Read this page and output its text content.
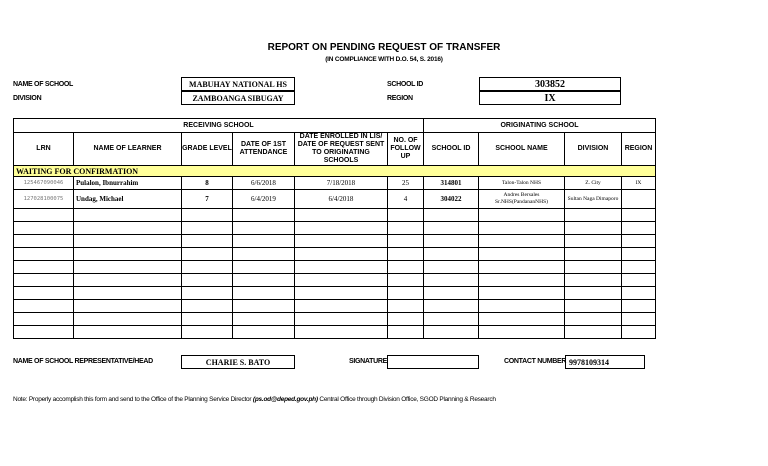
REPORT ON PENDING REQUEST OF TRANSFER
(IN COMPLIANCE WITH D.O. 54, S. 2016)
NAME OF SCHOOL	MABUHAY NATIONAL HS
DIVISION	ZAMBOANGA SIBUGAY
SCHOOL ID	303852
REGION	IX
RECEIVING SCHOOL						ORIGINATING SCHOOL			
LRN	NAME OF LEARNER	GRADE LEVEL	DATE OF 1ST ATTENDANCE	DATE ENROLLED IN LIS/ DATE OF REQUEST SENT TO ORIGINATING SCHOOLS	NO. OF FOLLOW UP	SCHOOL ID	SCHOOL NAME	DIVISION	REGION
WAITING FOR CONFIRMATION									
125467090046	Pulalon, Ibnurrahim	8	6/6/2018	7/18/2018	25	314801	Talon-Talon NHS	Z. City	IX
127028100075	Undag, Michael	7	6/4/2019	6/4/2018	4	304022	Andres Bersales Sr.NHS(PandananNHS)	Sultan Naga Dimaporo	

NAME OF SCHOOL REPRESENTATIVE/HEAD	CHARIE S. BATO	SIGNATURE	CONTACT NUMBER 9978109314
Note: Properly accomplish this form and send to the Office of the Planning Service Director (ps.od@deped.gov.ph) Central Office through Division Office, SGOD Planning & Research
